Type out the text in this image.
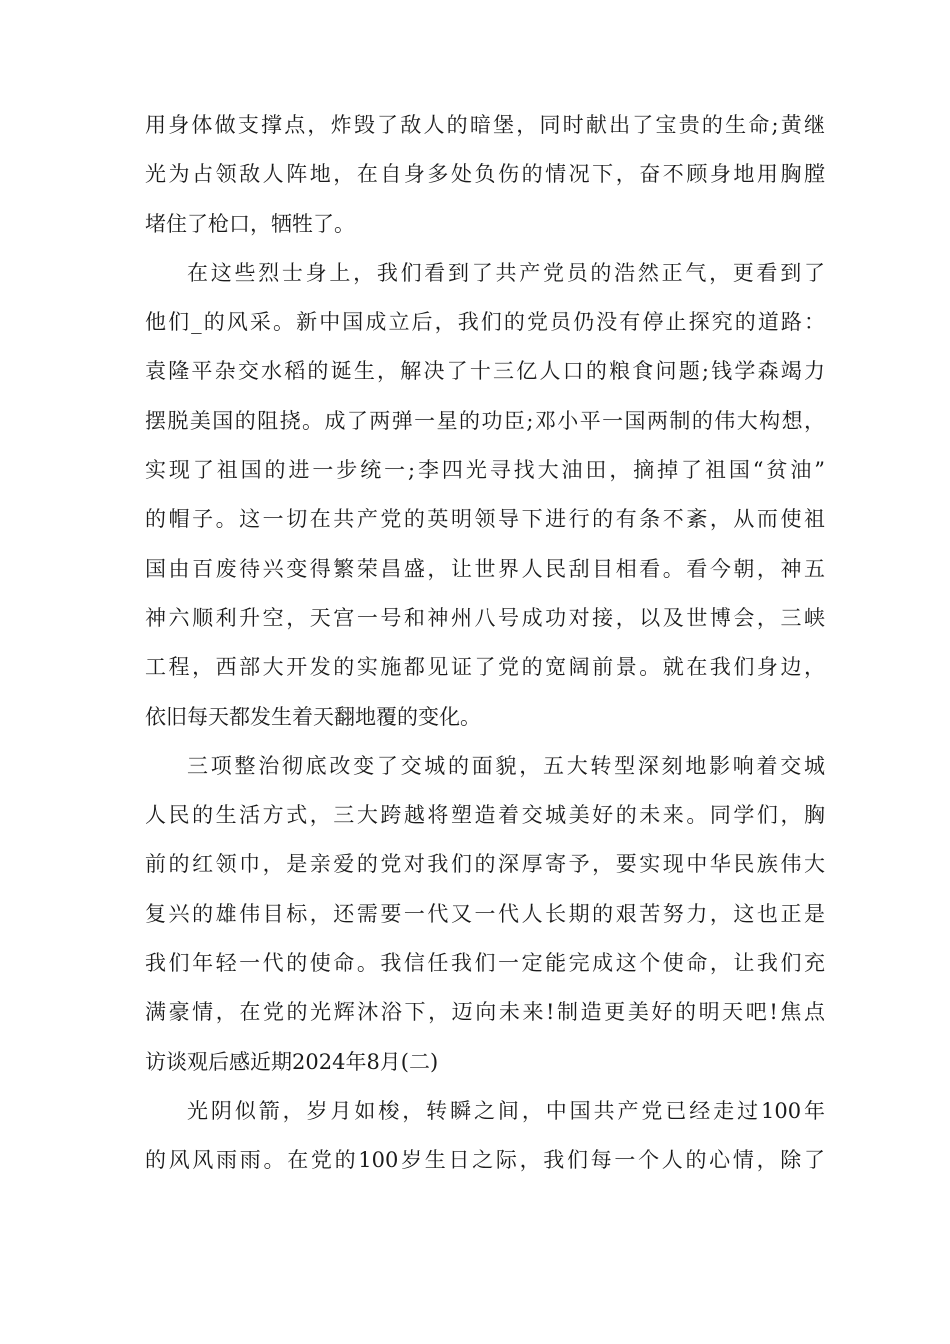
用身体做支撑点，炸毁了敌人的暗堡，同时献出了宝贵的生命;黄继
光为占领敌人阵地，在自身多处负伤的情况下，奋不顾身地用胸膛
堵住了枪口，牺牲了。
在这些烈士身上，我们看到了共产党员的浩然正气，更看到了
他们_的风采。新中国成立后，我们的党员仍没有停止探究的道路：
袁隆平杂交水稻的诞生，解决了十三亿人口的粮食问题;钱学森竭力
摆脱美国的阻挠。成了两弹一星的功臣;邓小平一国两制的伟大构想，
实现了祖国的进一步统一;李四光寻找大油田，摘掉了祖国“贫油”
的帽子。这一切在共产党的英明领导下进行的有条不紊，从而使祖
国由百废待兴变得繁荣昌盛，让世界人民刮目相看。看今朝，神五
神六顺利升空，天宫一号和神州八号成功对接，以及世博会，三峡
工程，西部大开发的实施都见证了党的宽阔前景。就在我们身边，
依旧每天都发生着天翻地覆的变化。
三项整治彻底改变了交城的面貌，五大转型深刻地影响着交城
人民的生活方式，三大跨越将塑造着交城美好的未来。同学们，胸
前的红领巾，是亲爱的党对我们的深厚寄予，要实现中华民族伟大
复兴的雄伟目标，还需要一代又一代人长期的艰苦努力，这也正是
我们年轻一代的使命。我信任我们一定能完成这个使命，让我们充
满豪情，在党的光辉沐浴下，迈向未来!制造更美好的明天吧!焦点
访谈观后感近期2024年8月(二)
光阴似箭，岁月如梭，转瞬之间，中国共产党已经走过100年
的风风雨雨。在党的100岁生日之际，我们每一个人的心情，除了
